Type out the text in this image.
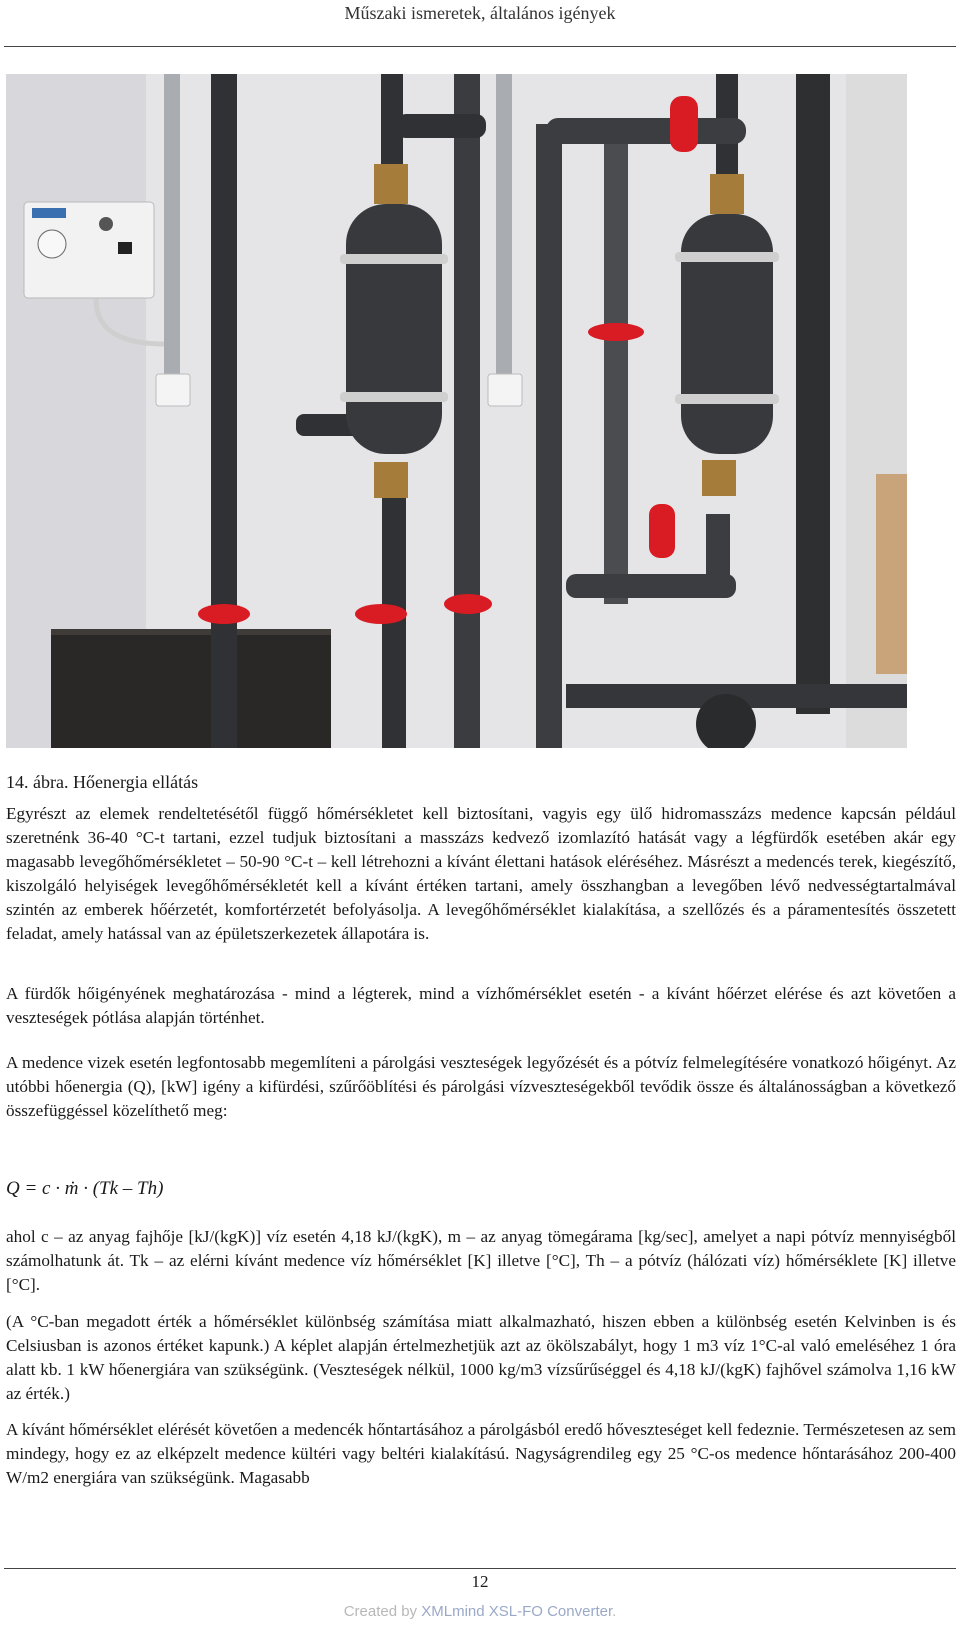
Műszaki ismeretek, általános igények
14. ábra. Hőenergia ellátás

Egyrészt az elemek rendeltetésétől függő hőmérsékletet kell biztosítani, vagyis egy ülő hidromasszázs medence kapcsán például szeretnénk 36-40 °C-t tartani, ezzel tudjuk biztosítani a masszázs kedvező izomlazító hatását vagy a légfürdők esetében akár egy magasabb levegőhőmérsékletet – 50-90 °C-t – kell létrehozni a kívánt élettani hatások eléréséhez. Másrészt a medencés terek, kiegészítő, kiszolgáló helyiségek levegőhőmérsékletét kell a kívánt értéken tartani, amely összhangban a levegőben lévő nedvességtartalmával szintén az emberek hőérzetét, komfortérzetét befolyásolja. A levegőhőmérséklet kialakítása, a szellőzés és a páramentesítés összetett feladat, amely hatással van az épületszerkezetek állapotára is.

A fürdők hőigényének meghatározása - mind a légterek, mind a vízhőmérséklet esetén - a kívánt hőérzet elérése és azt követően a veszteségek pótlása alapján történhet.

A medence vizek esetén legfontosabb megemlíteni a párolgási veszteségek legyőzését és a pótvíz felmelegítésére vonatkozó hőigényt. Az utóbbi hőenergia (Q), [kW] igény a kifürdési, szűrőöblítési és párolgási vízveszteségekből tevődik össze és általánosságban a következő összefüggéssel közelíthető meg:

Q = c · ṁ · (Tk – Th)

ahol c – az anyag fajhője [kJ/(kgK)] víz esetén 4,18 kJ/(kgK), m – az anyag tömegárama [kg/sec], amelyet a napi pótvíz mennyiségből számolhatunk át. Tk – az elérni kívánt medence víz hőmérséklet [K] illetve [°C], Th – a pótvíz (hálózati víz) hőmérséklete [K] illetve [°C].

(A °C-ban megadott érték a hőmérséklet különbség számítása miatt alkalmazható, hiszen ebben a különbség esetén Kelvinben is és Celsiusban is azonos értéket kapunk.) A képlet alapján értelmezhetjük azt az ökölszabályt, hogy 1 m3 víz 1°C-al való emeléséhez 1 óra alatt kb. 1 kW hőenergiára van szükségünk. (Veszteségek nélkül, 1000 kg/m3 vízsűrűséggel és 4,18 kJ/(kgK) fajhővel számolva 1,16 kW az érték.)

A kívánt hőmérséklet elérését követően a medencék hőntartásához a párolgásból eredő hőveszteséget kell fedeznie. Természetesen az sem mindegy, hogy ez az elképzelt medence kültéri vagy beltéri kialakítású. Nagyságrendileg egy 25 °C-os medence hőntarásához 200-400 W/m2 energiára van szükségünk. Magasabb

12
Created by XMLmind XSL-FO Converter.
